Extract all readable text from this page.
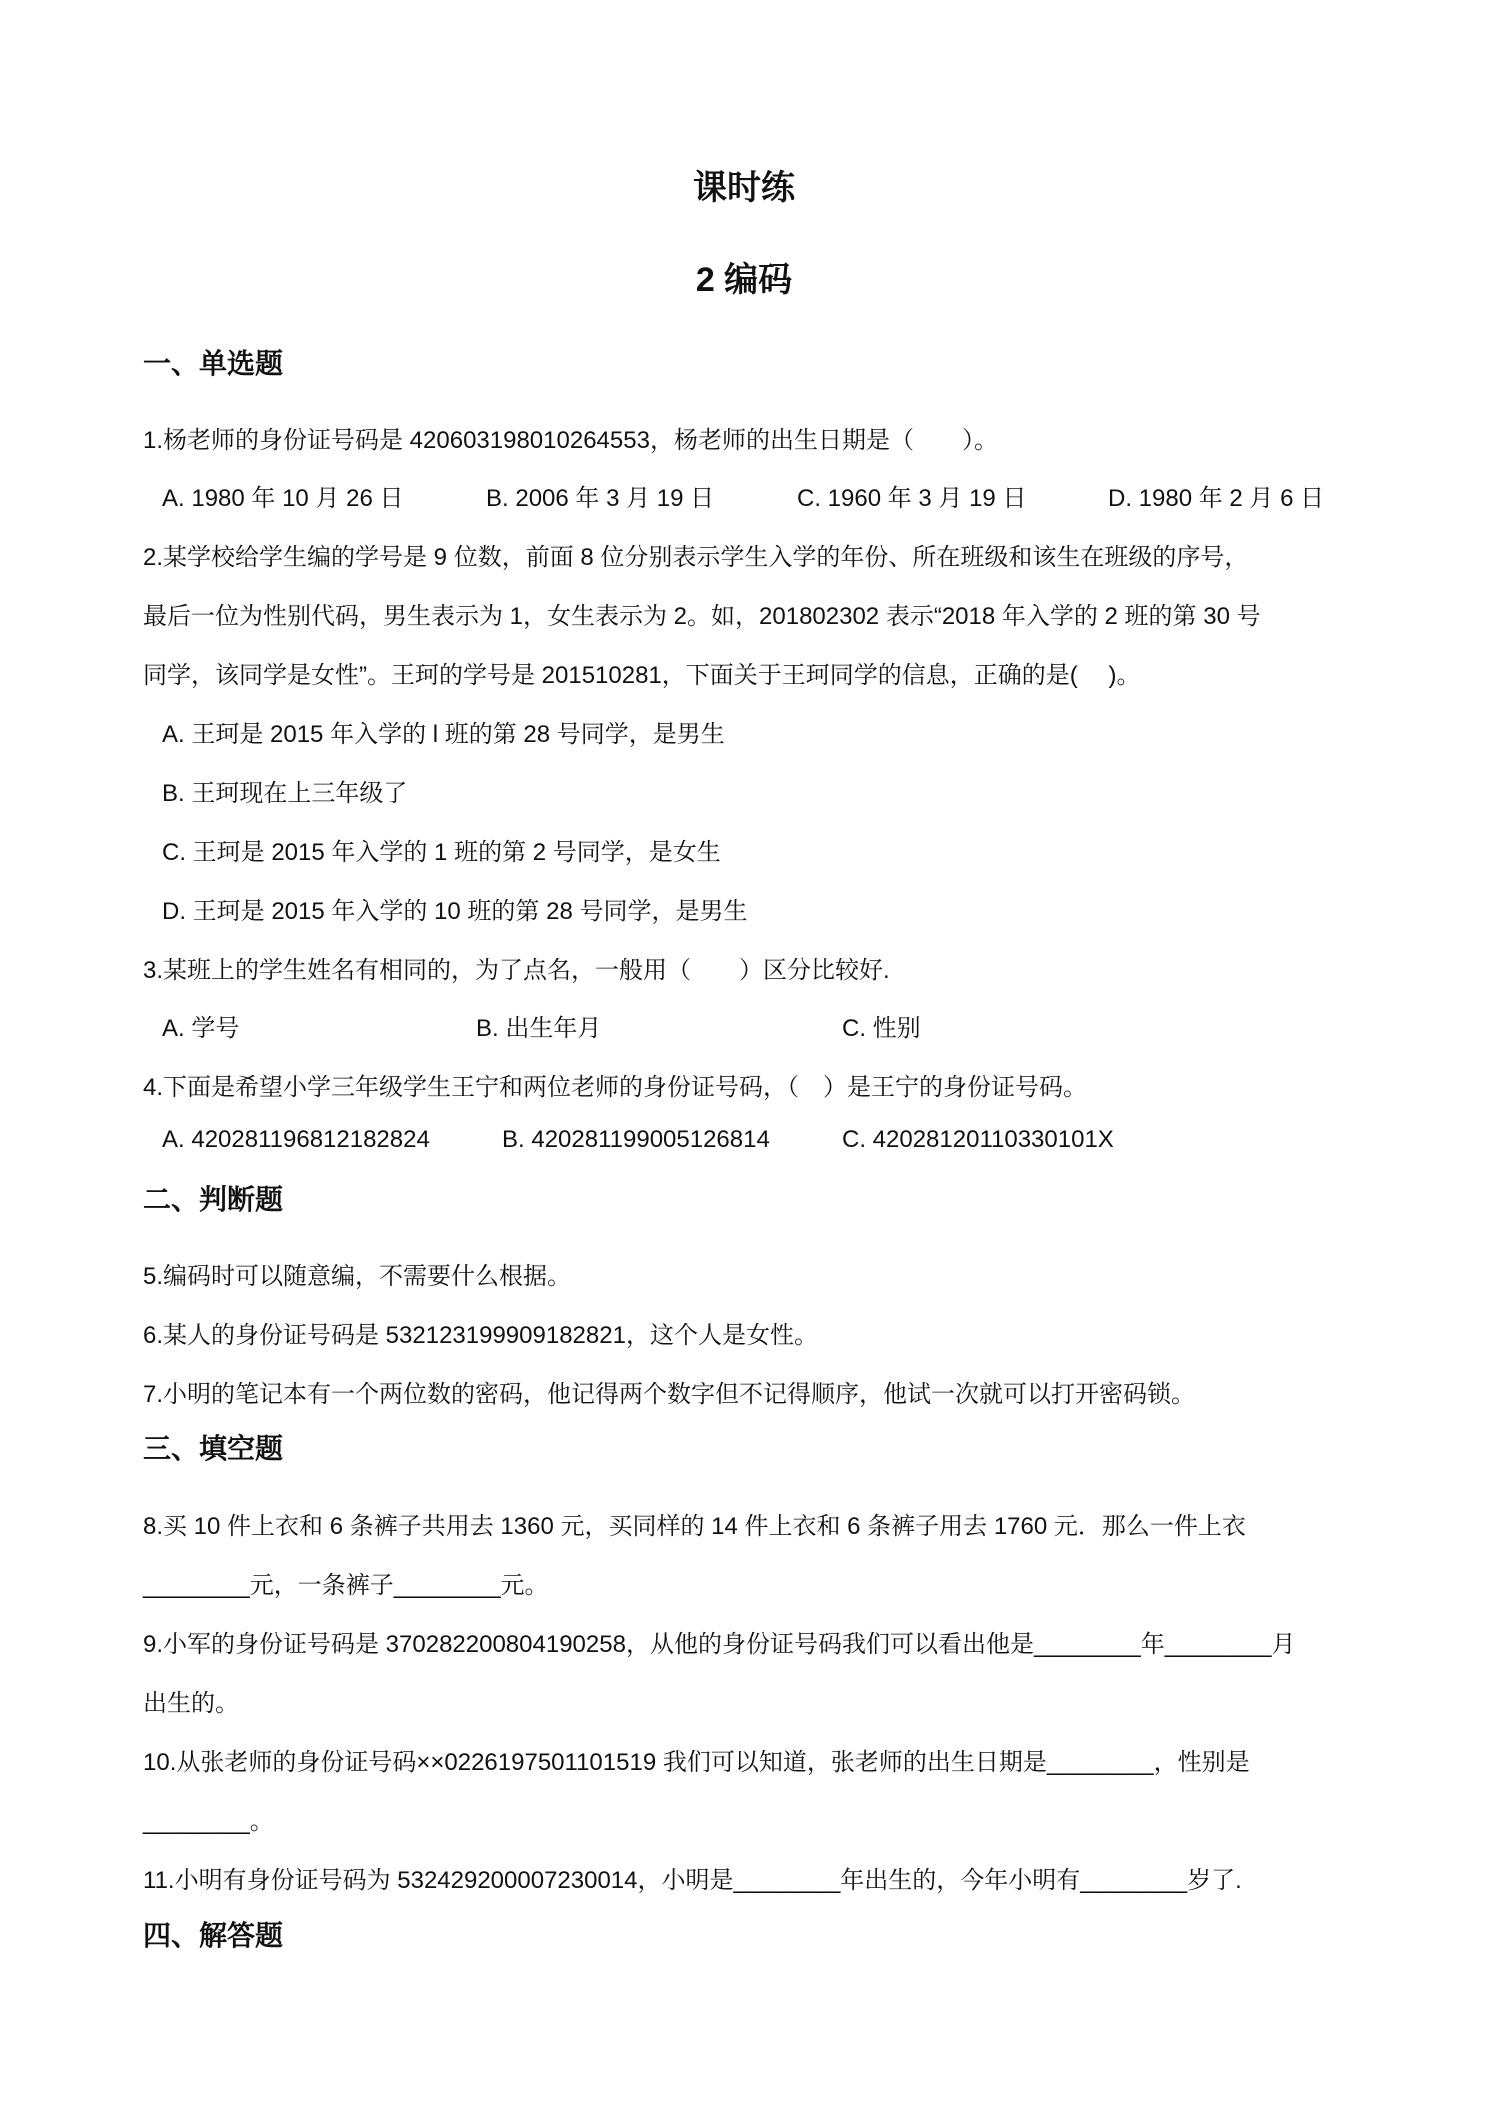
课时练
2 编码
一、单选题
1.杨老师的身份证号码是 420603198010264553，杨老师的出生日期是（　　）。
A. 1980 年 10 月 26 日	B. 2006 年 3 月 19 日	C. 1960 年 3 月 19 日	D. 1980 年 2 月 6 日
2.某学校给学生编的学号是 9 位数，前面 8 位分别表示学生入学的年份、所在班级和该生在班级的序号，
最后一位为性别代码，男生表示为 1，女生表示为 2。如，201802302 表示“2018 年入学的 2 班的第 30 号
同学，该同学是女性”。王珂的学号是 201510281，下面关于王珂同学的信息，正确的是(　 )。
A. 王珂是 2015 年入学的 l 班的第 28 号同学，是男生
B. 王珂现在上三年级了
C. 王珂是 2015 年入学的 1 班的第 2 号同学，是女生
D. 王珂是 2015 年入学的 10 班的第 28 号同学，是男生
3.某班上的学生姓名有相同的，为了点名，一般用（　　）区分比较好.
A. 学号	B. 出生年月	C. 性别
4.下面是希望小学三年级学生王宁和两位老师的身份证号码，（　）是王宁的身份证号码。
A. 420281196812182824	B. 420281199005126814	C. 42028120110330101X
二、判断题
5.编码时可以随意编，不需要什么根据。
6.某人的身份证号码是 532123199909182821，这个人是女性。
7.小明的笔记本有一个两位数的密码，他记得两个数字但不记得顺序，他试一次就可以打开密码锁。
三、填空题
8.买 10 件上衣和 6 条裤子共用去 1360 元，买同样的 14 件上衣和 6 条裤子用去 1760 元．那么一件上衣
________元，一条裤子________元。
9.小军的身份证号码是 370282200804190258，从他的身份证号码我们可以看出他是________年________月
出生的。
10.从张老师的身份证号码××0226197501101519 我们可以知道，张老师的出生日期是________，性别是
________。
11.小明有身份证号码为 532429200007230014，小明是________年出生的，今年小明有________岁了.
四、解答题
